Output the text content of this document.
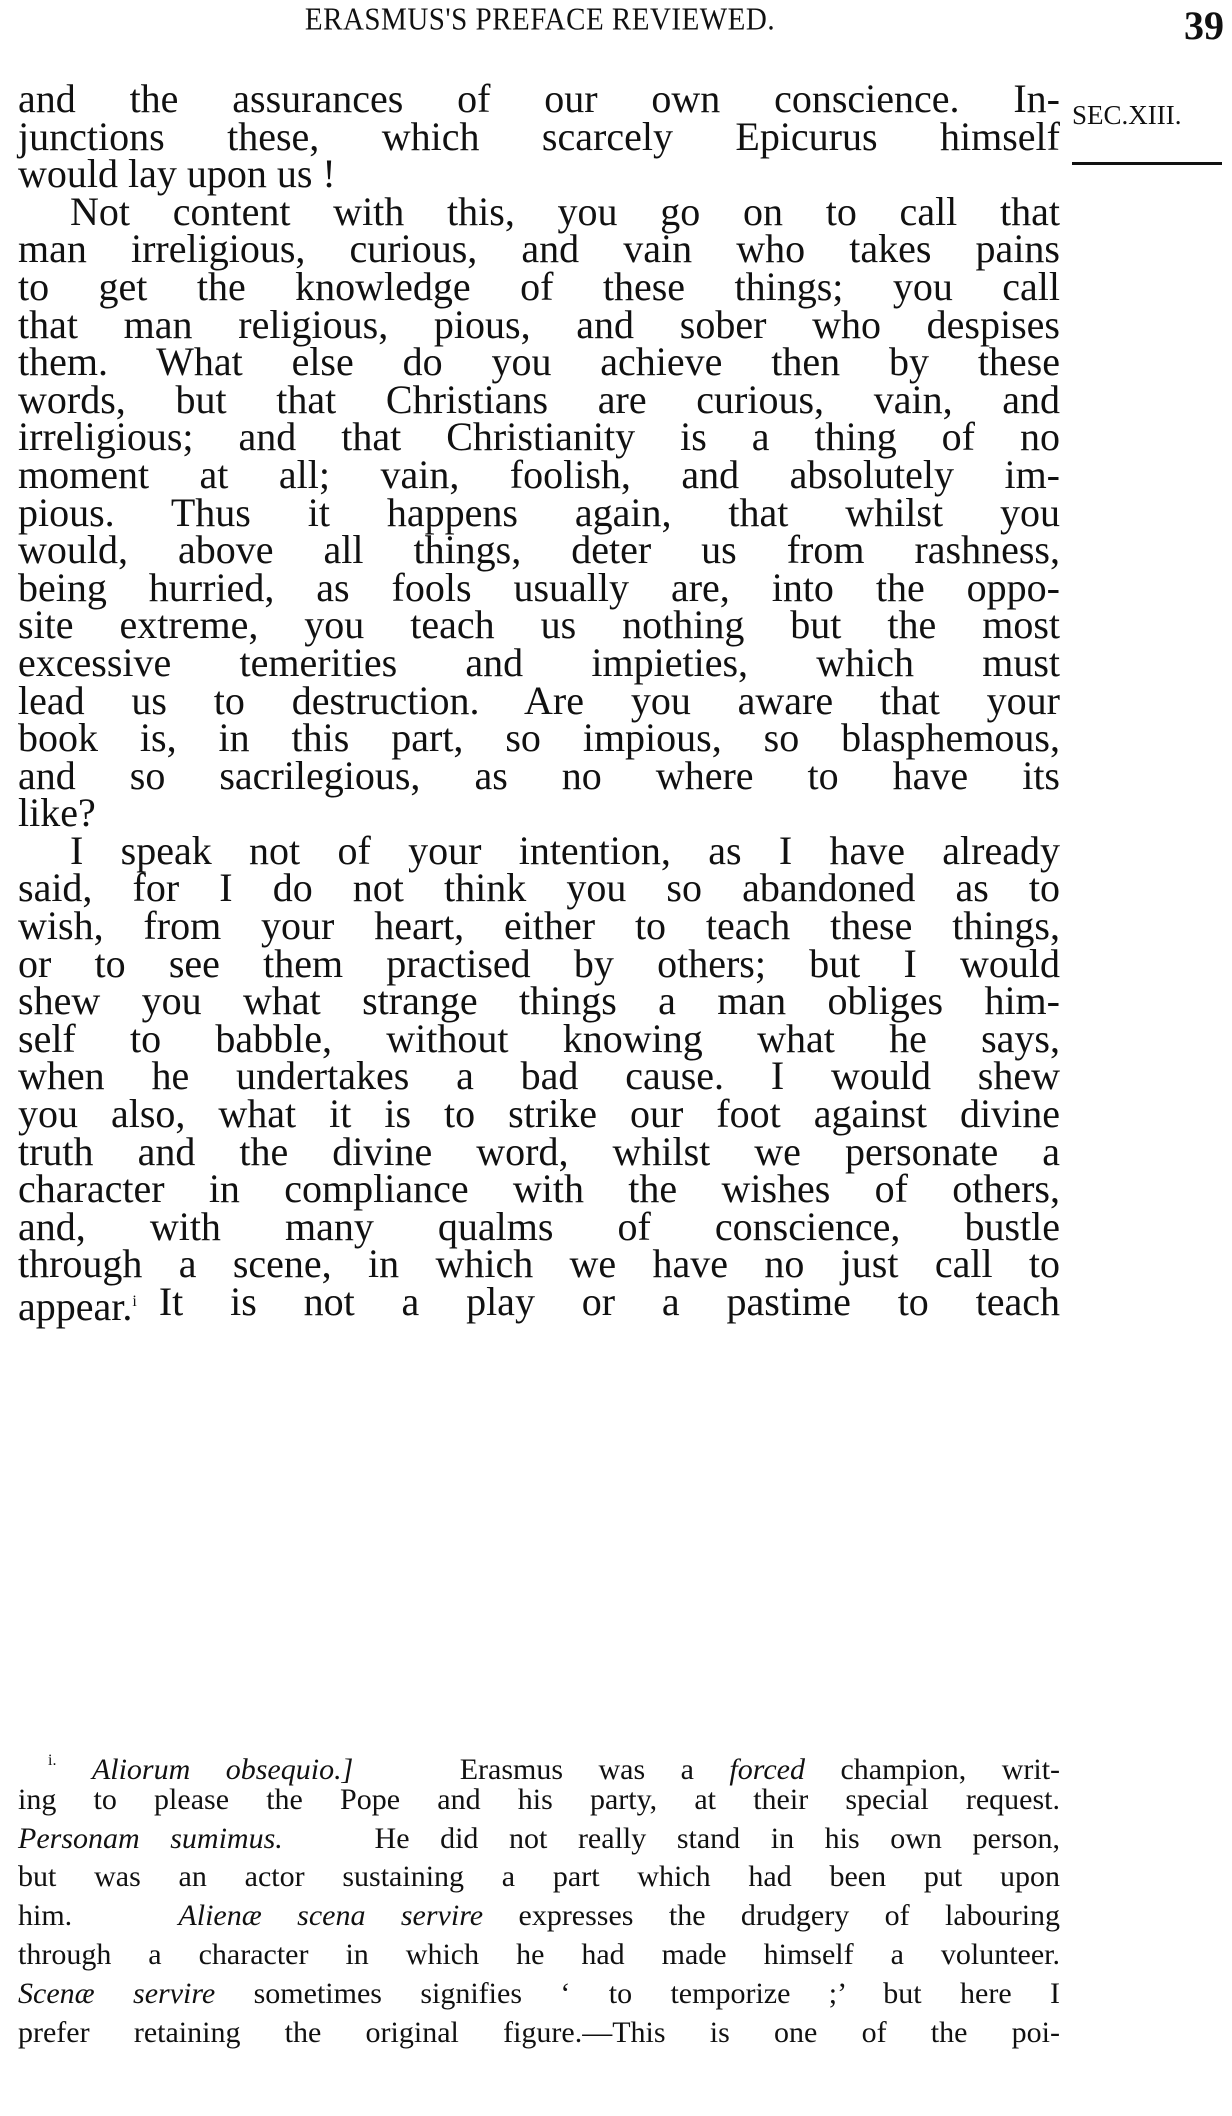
ERASMUS'S PREFACE REVIEWED.	39
SEC.XIII.
and the assurances of our own conscience. In-
junctions these, which scarcely Epicurus himself
would lay upon us !
Not content with this, you go on to call that
man irreligious, curious, and vain who takes pains
to get the knowledge of these things; you call
that man religious, pious, and sober who despises
them. What else do you achieve then by these
words, but that Christians are curious, vain, and
irreligious; and that Christianity is a thing of no
moment at all; vain, foolish, and absolutely im-
pious. Thus it happens again, that whilst you
would, above all things, deter us from rashness,
being hurried, as fools usually are, into the oppo-
site extreme, you teach us nothing but the most
excessive temerities and impieties, which must
lead us to destruction. Are you aware that your
book is, in this part, so impious, so blasphemous,
and so sacrilegious, as no where to have its
like?
I speak not of your intention, as I have already
said, for I do not think you so abandoned as to
wish, from your heart, either to teach these things,
or to see them practised by others; but I would
shew you what strange things a man obliges him-
self to babble, without knowing what he says,
when he undertakes a bad cause. I would shew
you also, what it is to strike our foot against divine
truth and the divine word, whilst we personate a
character in compliance with the wishes of others,
and, with many qualms of conscience, bustle
through a scene, in which we have no just call to
appear.$^i$ It is not a play or a pastime to teach
$^{i.}$ Aliorum obsequio.]	Erasmus was a forced champion, writ-
ing to please the Pope and his party, at their special request.
Personam sumimus.	He did not really stand in his own person,
but was an actor sustaining a part which had been put upon
him.	Alienæ scena servire expresses the drudgery of labouring
through a character in which he had made himself a volunteer.
Scenæ servire sometimes signifies ‘ to temporize ;’ but here I
prefer retaining the original figure.—This is one of the poi-
